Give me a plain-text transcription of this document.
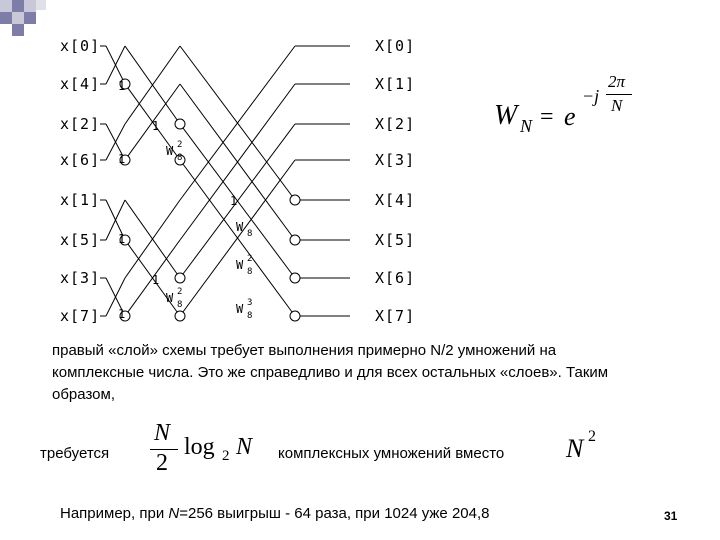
x[0]
x[4]
x[2]
x[6]
x[1]
x[5]
x[3]
x[7]
X[0]
X[1]
X[2]
X[3]
X[4]
X[5]
X[6]
X[7]
1
1
1
1
1
1
1
W 2
8
W 8
W 2
8
W 2
8	W 3
8
W N = e
−j
2π
N
правый «слой» схемы требует выполнения примерно N/2 умножений на комплексные числа. Это же справедливо и для всех остальных «слоев». Таким образом,
требуется
N
2
log 2 N комплексных умножений вместо N 2
Например, при N=256 выигрыш - 64 раза, при 1024 уже 204,8	31
